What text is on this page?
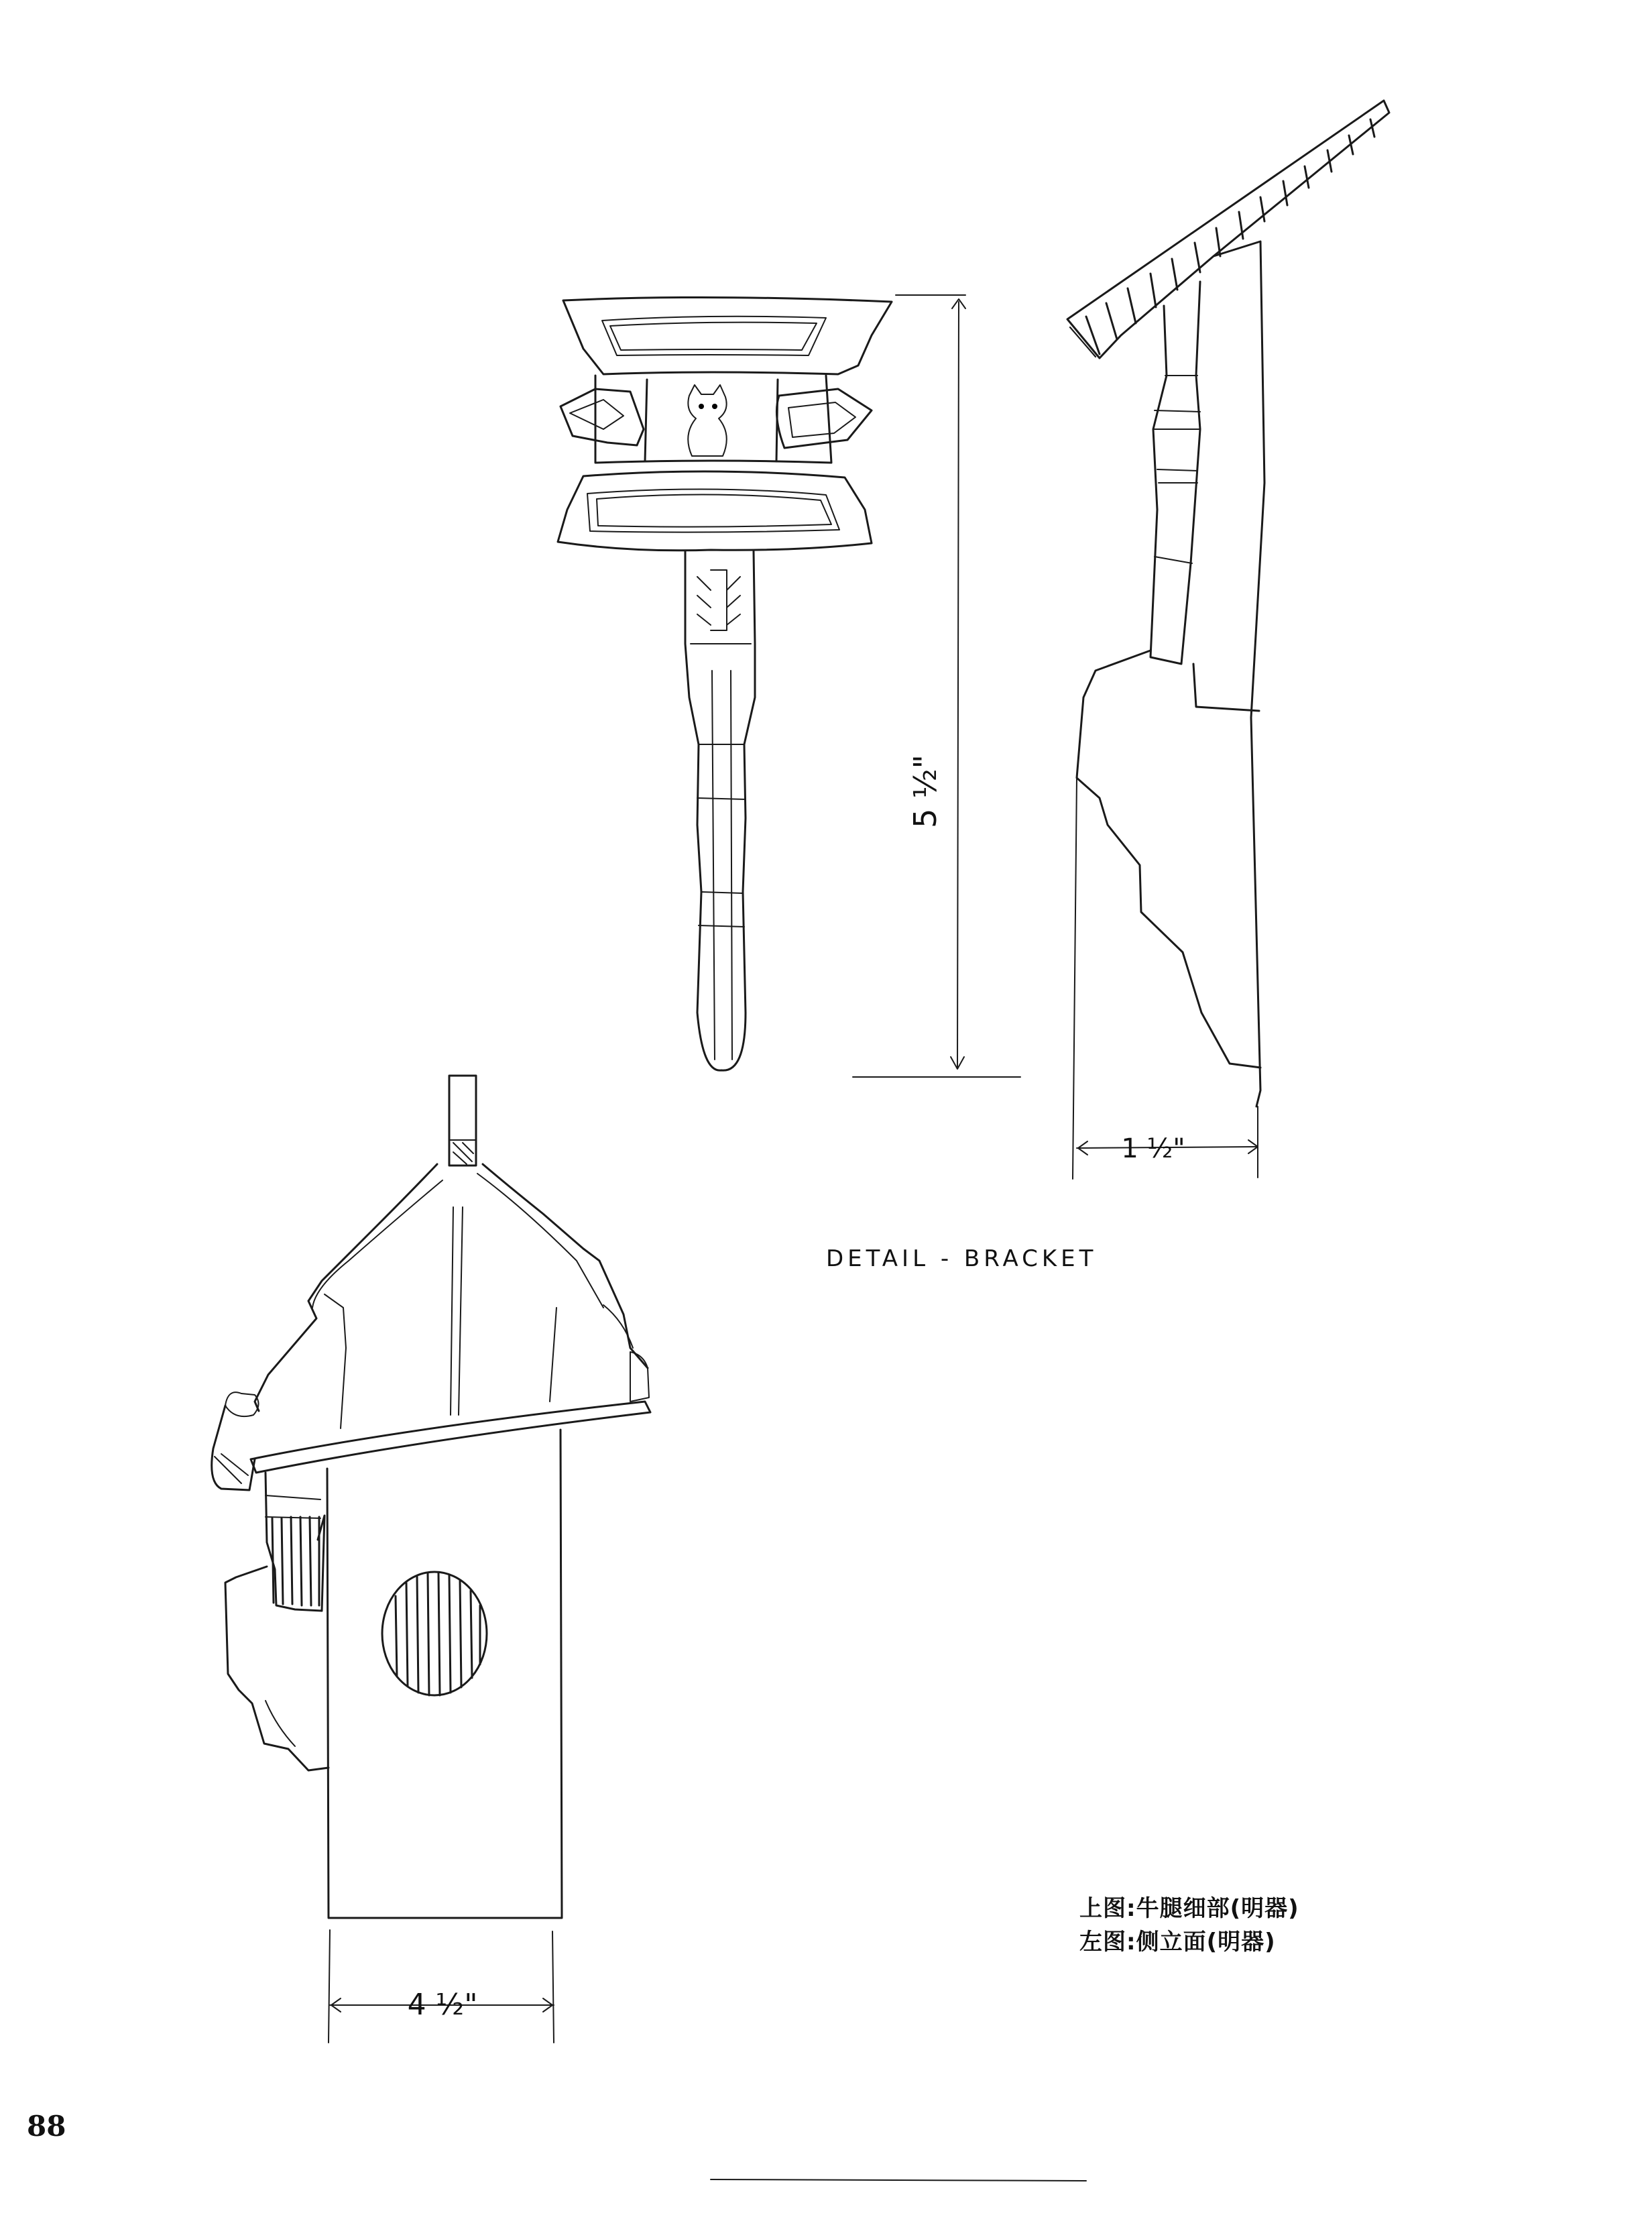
5 ½"
1 ½"
DETAIL - BRACKET
4 ½"
上图:牛腿细部(明器)
左图:侧立面(明器)
88
